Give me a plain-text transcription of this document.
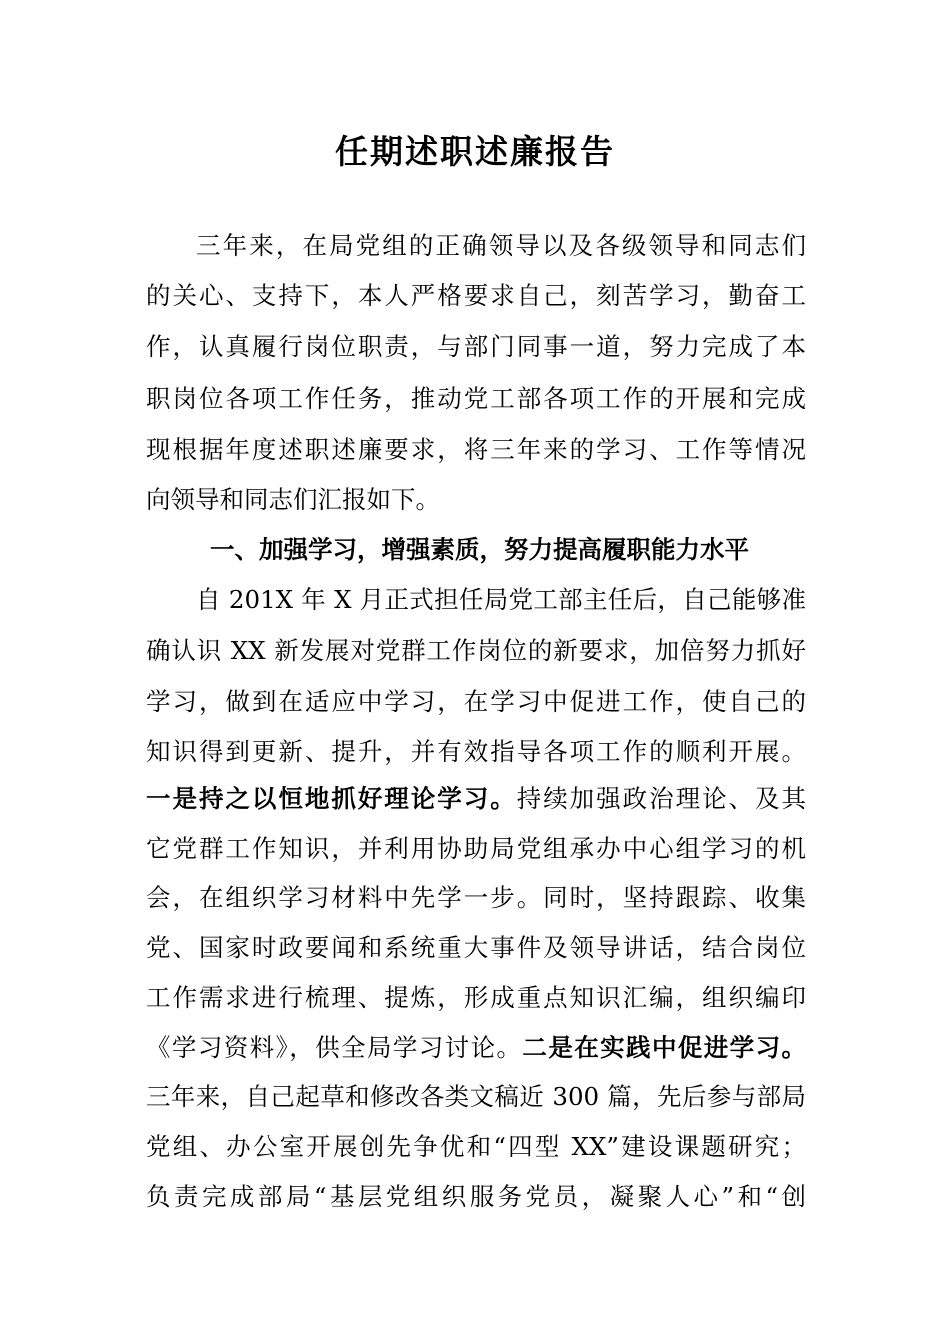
任期述职述廉报告
三年来，在局党组的正确领导以及各级领导和同志们
的关心、支持下，本人严格要求自己，刻苦学习，勤奋工
作，认真履行岗位职责，与部门同事一道，努力完成了本
职岗位各项工作任务，推动党工部各项工作的开展和完成
现根据年度述职述廉要求，将三年来的学习、工作等情况
向领导和同志们汇报如下。
一、加强学习，增强素质，努力提高履职能力水平
自 201X 年 X 月正式担任局党工部主任后，自己能够准
确认识 XX 新发展对党群工作岗位的新要求，加倍努力抓好
学习，做到在适应中学习，在学习中促进工作，使自己的
知识得到更新、提升，并有效指导各项工作的顺利开展。
一是持之以恒地抓好理论学习。持续加强政治理论、及其
它党群工作知识，并利用协助局党组承办中心组学习的机
会，在组织学习材料中先学一步。同时，坚持跟踪、收集
党、国家时政要闻和系统重大事件及领导讲话，结合岗位
工作需求进行梳理、提炼，形成重点知识汇编，组织编印
《学习资料》，供全局学习讨论。二是在实践中促进学习。
三年来，自己起草和修改各类文稿近 300 篇，先后参与部局
党组、办公室开展创先争优和“四型 XX”建设课题研究；
负责完成部局“基层党组织服务党员，凝聚人心”和“创
